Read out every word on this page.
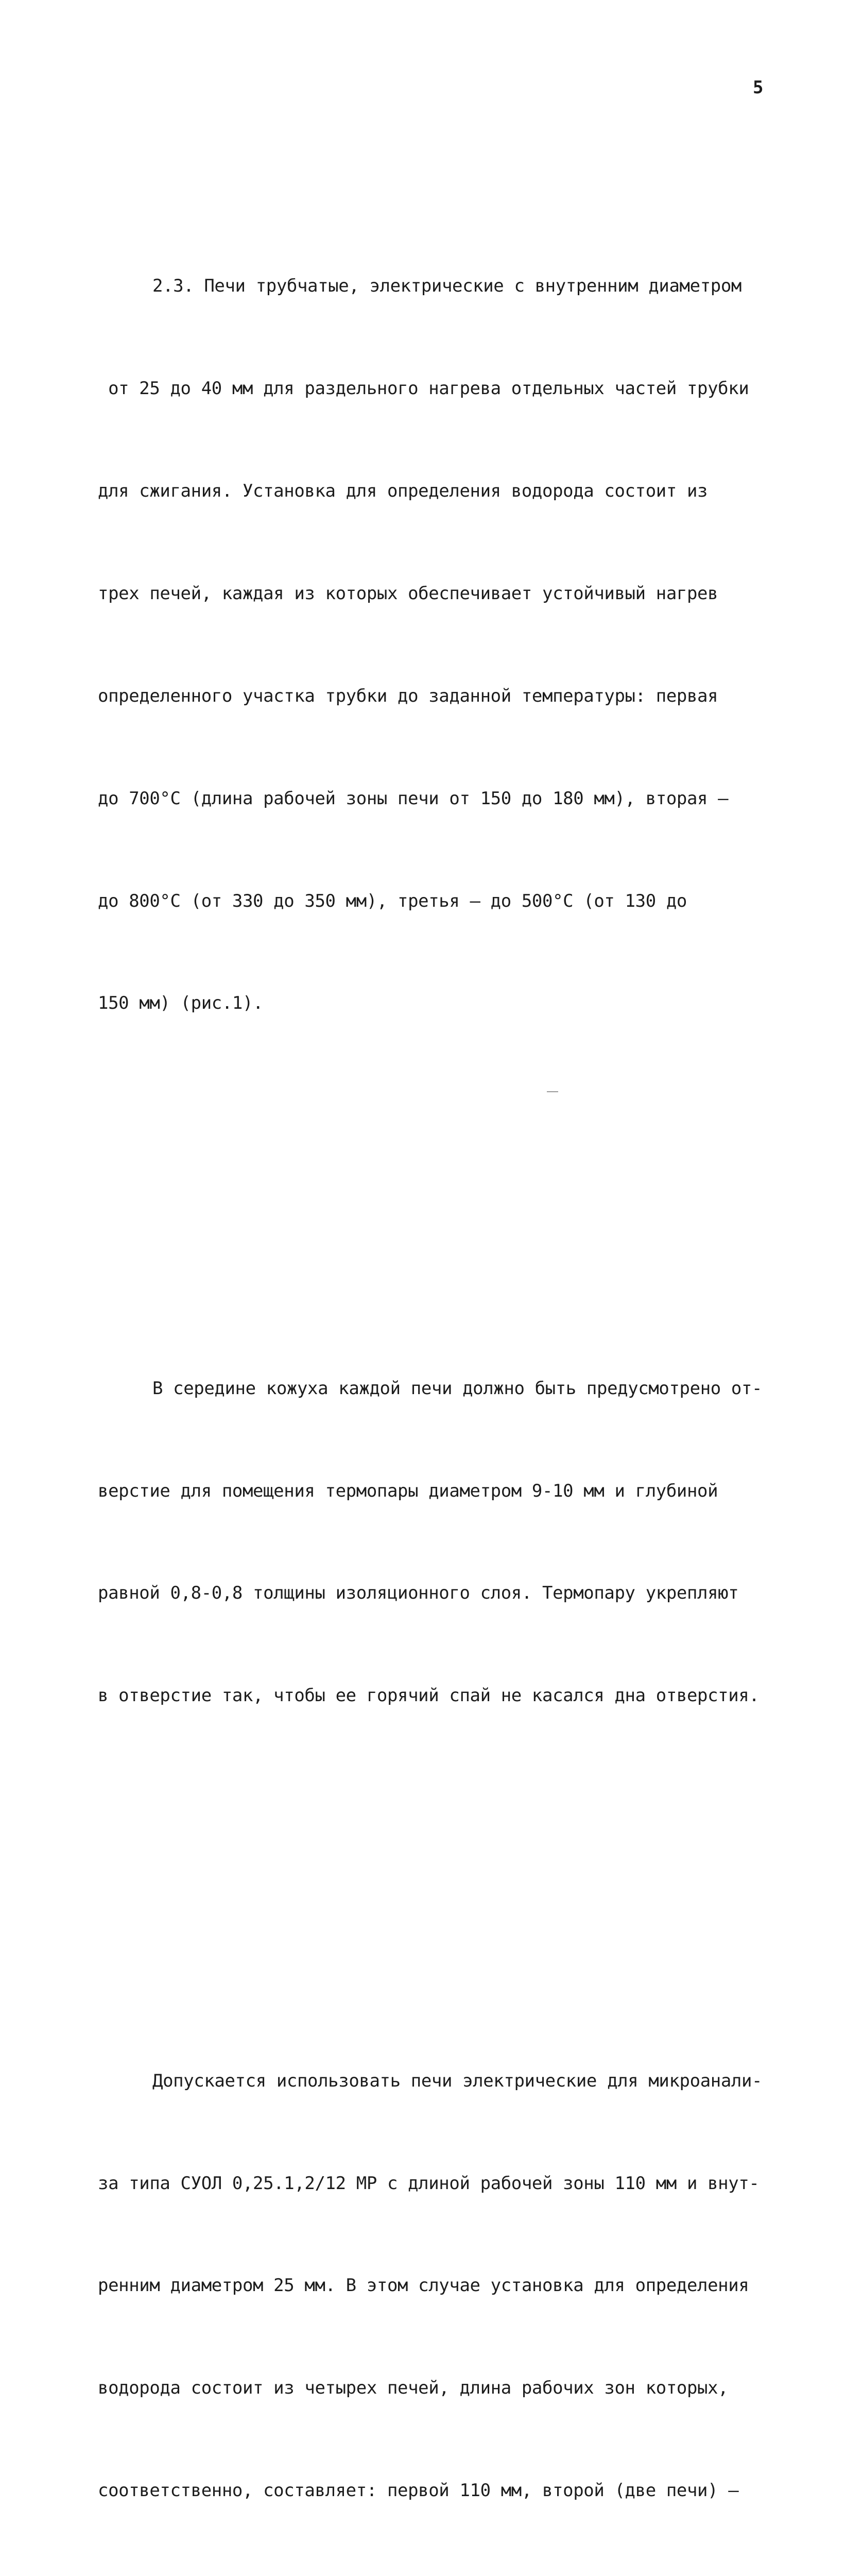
5

2.3. Печи трубчатые, электрические с внутренним диаметром

от 25 до 40 мм для раздельного нагрева отдельных частей трубки

для сжигания. Установка для определения водорода состоит из

трех печей, каждая из которых обеспечивает устойчивый нагрев

определенного участка трубки до заданной температуры: первая

до 700°С (длина рабочей зоны печи от 150 до 180 мм), вторая –

до 800°С (от 330 до 350 мм), третья – до 500°С (от 130 до

150 мм) (рис.1).

В середине кожуха каждой печи должно быть предусмотрено от-

верстие для помещения термопары диаметром 9-10 мм и глубиной

равной 0,8-0,8 толщины изоляционного слоя. Термопару укрепляют

в отверстие так, чтобы ее горячий спай не касался дна отверстия.

Допускается использовать печи электрические для микроанали-

за типа СУОЛ 0,25.1,2/12 МР с длиной рабочей зоны 110 мм и внут-

ренним диаметром 25 мм. В этом случае установка для определения

водорода состоит из четырех печей, длина рабочих зон которых,

соответственно, составляет: первой 110 мм, второй (две печи) –
